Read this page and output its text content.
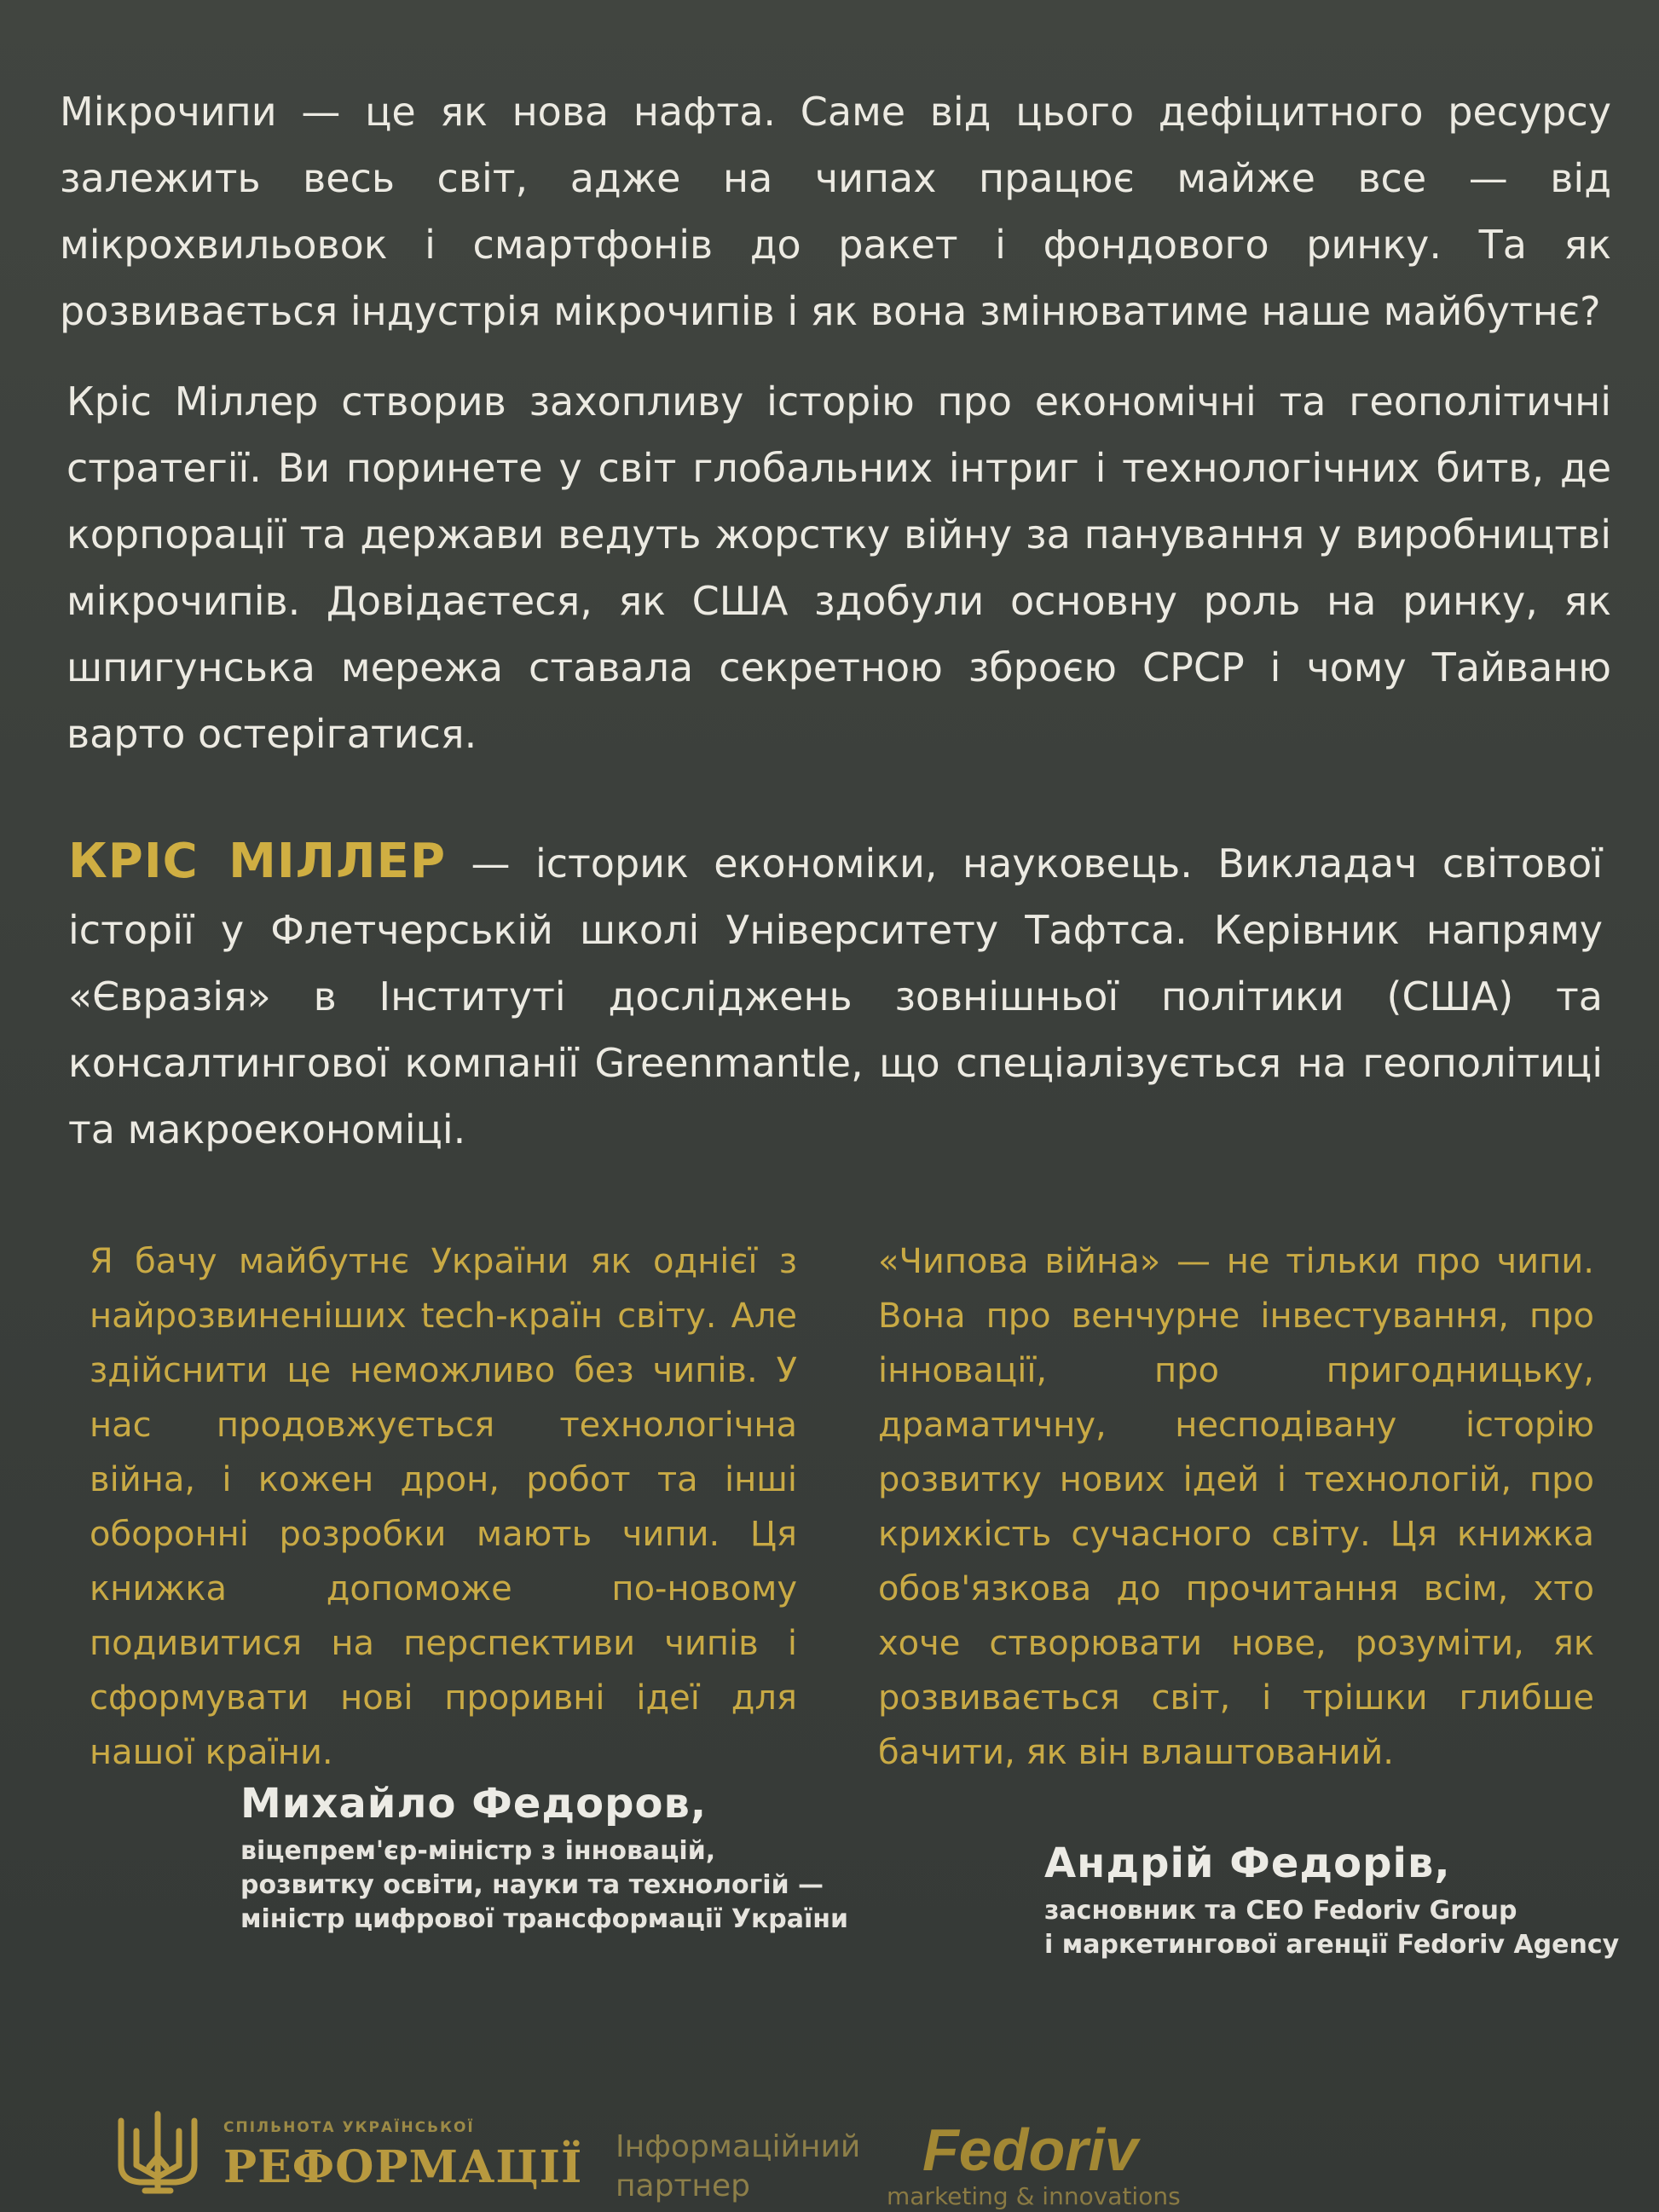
Мікрочипи — це як нова нафта. Саме від цього дефіцитного ресурсу залежить весь світ, адже на чипах працює майже все — від мікрохвильовок і смартфонів до ракет і фондового ринку. Та як розвивається індустрія мікрочипів і як вона змінюватиме наше майбутнє?

Кріс Міллер створив захопливу історію про економічні та геополітичні стратегії. Ви поринете у світ глобальних інтриг і технологічних битв, де корпорації та держави ведуть жорстку війну за панування у виробництві мікрочипів. Довідаєтеся, як США здобули основну роль на ринку, як шпигунська мережа ставала секретною зброєю СРСР і чому Тайваню варто остерігатися.

КРІС МІЛЛЕР — історик економіки, науковець. Викладач світової історії у Флетчерській школі Університету Тафтса. Керівник напряму «Євразія» в Інституті досліджень зовнішньої політики (США) та консалтингової компанії Greenmantle, що спеціалізується на геополітиці та макроекономіці.

Я бачу майбутнє України як однієї з найрозвиненіших tech-країн світу. Але здійснити це неможливо без чипів. У нас продовжується технологічна війна, і кожен дрон, робот та інші оборонні розробки мають чипи. Ця книжка допоможе по-новому подивитися на перспективи чипів і сформувати нові проривні ідеї для нашої країни.

«Чипова війна» — не тільки про чипи. Вона про венчурне інвестування, про інновації, про пригодницьку, драматичну, несподівану історію розвитку нових ідей і технологій, про крихкість сучасного світу. Ця книжка обов'язкова до прочитання всім, хто хоче створювати нове, розуміти, як розвивається світ, і трішки глибше бачити, як він влаштований.

Михайло Федоров,

віцепрем'єр-міністр з інновацій,
розвитку освіти, науки та технологій —
міністр цифрової трансформації України

Андрій Федорів,

засновник та CEO Fedoriv Group
і маркетингової агенції Fedoriv Agency

СПІЛЬНОТА УКРАЇНСЬКОЇ
РЕФОРМАЦІЇ Інформаційний
партнер
Fedoriv
marketing & innovations
